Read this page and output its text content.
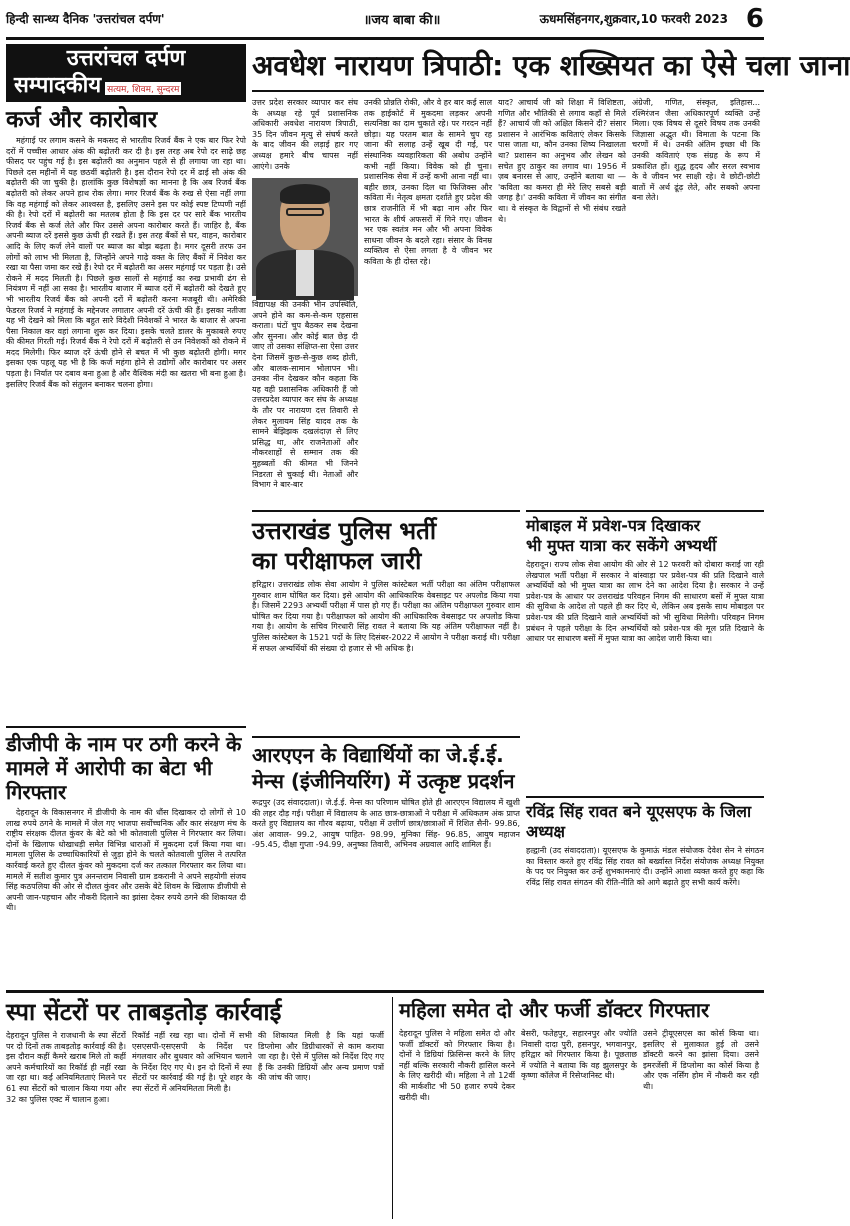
हिन्दी सान्ध्य दैनिक 'उत्तरांचल दर्पण'	॥जय बाबा की॥	ऊधमसिंहनगर,शुक्रवार,10 फरवरी 2023 6
उत्तरांचल दर्पण
सम्पादकीय सत्यम, शिवम, सुन्दरम
कर्ज और कारोबार

महंगाई पर लगाम कसने के मकसद से भारतीय रिजर्व बैंक ने एक बार फिर रेपो दरों में पच्चीस आधार अंक की बढ़ोतरी कर दी है। इस तरह अब रेपो दर साढ़े छह फीसद पर पहुंच गई है। इस बढ़ोतरी का अनुमान पहले से ही लगाया जा रहा था। पिछले दस महीनों में यह छठवीं बढ़ोतरी है। इस दौरान रेपो दर में ढाई सौ अंक की बढ़ोतरी की जा चुकी है। हालांकि कुछ विशेषज्ञों का मानना है कि अब रिजर्व बैंक बढ़ोतरी को लेकर अपने हाथ रोक लेगा। मगर रिजर्व बैंक के रुख से ऐसा नहीं लगा कि वह महंगाई को लेकर आश्वस्त है, इसलिए उसने इस पर कोई स्पष्ट टिप्पणी नहीं की है। रेपो दरों में बढ़ोतरी का मतलब होता है कि इस दर पर सारे बैंक भारतीय रिजर्व बैंक से कर्ज लेते और फिर उससे अपना कारोबार करते हैं। जाहिर है, बैंक अपनी ब्याज दरें इससे कुछ ऊंची ही रखते हैं। इस तरह बैंकों से घर, वाहन, कारोबार आदि के लिए कर्ज लेने वालों पर ब्याज का बोझ बढ़ता है। मगर दूसरी तरफ उन लोगों को लाभ भी मिलता है, जिन्होंने अपने गाढ़े वक्त के लिए बैंकों में निवेश कर रखा या पैसा जमा कर रखे हैं। रेपो दर में बढ़ोतरी का असर महंगाई पर पड़ता है। उसे रोकने में मदद मिलती है। पिछले कुछ सालों से महंगाई का रुख प्रभावी ढंग से नियंत्रण में नहीं आ सका है। भारतीय बाजार में ब्याज दरों में बढ़ोतरी को देखते हुए भी भारतीय रिजर्व बैंक को अपनी दरों में बढ़ोतरी करना मजबूरी थी। अमेरिकी फेडरल रिजर्व ने महंगाई के मद्देनजर लगातार अपनी दरें ऊंची की हैं। इसका नतीजा यह भी देखने को मिला कि बहुत सारे विदेशी निवेशकों ने भारत के बाजार से अपना पैसा निकाल कर वहां लगाना शुरू कर दिया। इसके चलते डालर के मुकाबले रुपए की कीमत गिरती गई। रिजर्व बैंक ने रेपो दरों में बढ़ोतरी से उन निवेशकों को रोकने में मदद मिलेगी। फिर ब्याज दरें ऊंची होने से बचत में भी कुछ बढ़ोतरी होगी। मगर इसका एक पहलू यह भी है कि कर्ज महंगा होने से उद्योगों और कारोबार पर असर पड़ता है। निर्यात पर दबाव बना हुआ है और वैश्विक मंदी का खतरा भी बना हुआ है। इसलिए रिजर्व बैंक को संतुलन बनाकर चलना होगा।

डीजीपी के नाम पर ठगी करने के
मामले में आरोपी का बेटा भी गिरफ्तार

देहरादून के विकासनगर में डीजीपी के नाम की धौंस दिखाकर दो लोगों से 10 लाख रुपये ठगने के मामले में जेल गए भाजपा सर्वोच्चनिक औंर कार संरक्षण मंच के राष्ट्रीय संरक्षक दीलत कुंवर के बेटे को भी कोतवाली पुलिस ने गिरफ्तार कर लिया। दोनों के खिलाफ धोखाधड़ी समेत विभिन्न धाराओं में मुकदमा दर्ज किया गया था। मामला पुलिस के उच्चाधिकारियों से जुड़ा होने के चलते कोतवाली पुलिस ने तत्परित कार्रवाई करते हुए दीलत कुंवर को मुकदमा दर्ज कर तत्काल गिरफ्तार कर लिया था। मामले में सतीश कुमार पुत्र अनन्तराम निवासी ग्राम डकरानी ने अपने सहयोगी संजय सिंह कठपलिया की ओर से दौलत कुंवर और उसके बेटे शिवम के खिलाफ डीजीपी से अपनी जान-पहचान और नौकरी दिलाने का झांसा देकर रुपये ठगने की शिकायत दी थी।

अवधेश नारायण त्रिपाठी: एक शख्सियत का ऐसे चला जाना
उत्तर प्रदेश सरकार व्यापार कर संघ के अध्यक्ष रहे पूर्व प्रशासनिक अधिकारी अवधेश नारायण त्रिपाठी, 35 दिन जीवन मृत्यु से संघर्ष करते के बाद जीवन की लड़ाई हार गए अध्यक्ष हमारे बीच चापस नहीं आएंगे। उनके
विद्यापक्ष की उनकी भीन उपस्थिति, अपने होने का कम-से-कम एहसास कराता। घंटों चुप बैठकर सब देखना और सुनना। और कोई बात छेड़ दी जाए तो उसका संक्षिप्त-सा ऐसा उत्तर देना जिसमें कुछ-से-कुछ शब्द होती, और बालक-सामान भोलापन भी। उनका नीन देखकर कौन कहता कि यह वही प्रशासनिक अधिकारी हैं जो उत्तरप्रदेश व्यापार कर संघ के अध्यक्ष के तौर पर नारायण दत्त तिवारी से लेकर मुलायम सिंह यादव तक के सामने बेझिझक दखलंदाज़ से लिए प्रसिद्ध था, और राजनेताओं और नौकरशाहों से सम्मान तक की मुहब्बतों की कीमत भी जिनने निडरता से चुकाई थी। नेताओं और विभाग ने बार-बार
उनकी प्रोन्नति रोकी, और वे हर बार कई साल तक हाईकोर्ट में मुकदमा लड़कर अपनी सत्यनिष्ठा का दाम चुकाते रहे। पर गरदन नहीं छोड़ा। यह परतम बात के सामने चुप रह जाना की सलाह उन्हें खूब दी गई, पर संस्थानिक व्यवहारिकता की अबोध उन्होंने कभी नहीं किया। विवेक को ही चुना। प्रशासनिक सेवा में उन्हें कभी आना नहीं था। बहीर छात्र, उनका दिल था फिजिक्स और कविता में। नेतृत्व क्षमता दर्शाते हुए प्रदेश की छात्र राजनीति में भी बढ़ा नाम और फिर भारत के शीर्ष अफसरों में गिने गए। जीवन भर एक स्वतंत्र मन और भी अपना विवेक साधना जीवन के बदले रहा। संसार के विनम्र व्यक्तित्व से ऐसा लगता है वे जीवन भर कविता के ही दोस्त रहे।
याद? आचार्य जी को शिक्षा में विशिष्टता, गणित और भौतिकी से लगाव कहाँ से मिले हैं? आचार्य जी को अक्षित किसने दी? संसार प्रशासन ने आरंभिक कविताएं लेकर किसके पास जाता था, कौन उनका शिष्य निखालता था? प्रशासन का अनुभव और लेखन को सचेत हुए ठाकुर का लगाव था। 1956 में ज़ब बनारस से आए, उन्होंने बताया था — 'कविता का कमरा ही मेरे लिए सबसे बड़ी जगह है।' उनकी कविता में जीवन का संगीत था। वे संस्कृत के विद्वानों से भी संबंध रखते थे।
अंग्रेजी, गणित, संस्कृत, इतिहास... रश्मिरंजन जैसा अधिकारपूर्ण व्यक्ति उन्हें मिला। एक विषय से दूसरे विषय तक उनकी जिज्ञासा अद्भुत थी। विमाता के पटना कि चरणों में थे। उनकी अंतिम इच्छा थी कि उनकी कविताएं एक संग्रह के रूप में प्रकाशित हों। शुद्ध हृदय और सरल स्वभाव के वे जीवन भर साक्षी रहे। वे छोटी-छोटी बातों में अर्थ ढूंढ़ लेते, और सबको अपना बना लेते।
उत्तराखंड पुलिस भर्ती
का परीक्षाफल जारी
हरिद्वार। उत्तराखंड लोक सेवा आयोग ने पुलिस कांस्टेबल भर्ती परीक्षा का अंतिम परीक्षाफल गुरुवार शाम घोषित कर दिया। इसे आयोग की आधिकारिक वेबसाइट पर अपलोड किया गया है। जिसमें 2293 अभ्यर्थी परीक्षा में पास हो गए हैं। परीक्षा का अंतिम परीक्षाफल गुरुवार शाम घोषित कर दिया गया है। परीक्षाफल को आयोग की आधिकारिक वेबसाइट पर अपलोड किया गया है। आयोग के सचिव गिरधारी सिंह रावत ने बताया कि यह अंतिम परीक्षाफल नहीं है। पुलिस कांस्टेबल के 1521 पदों के लिए दिसंबर-2022 में आयोग ने परीक्षा कराई थी। परीक्षा में सफल अभ्यर्थियों की संख्या दो हजार से भी अधिक है।
आरएएन के विद्यार्थियों का जे.ई.ई. मेन्स (इंजीनियरिंग) में उत्कृष्ट प्रदर्शन
रूद्रपुर (उद संवाददाता)। जे.ई.ई. मेन्स का परिणाम घोषित होते ही आरएएन विद्यालय में खुशी की लहर दौड़ गई। परीक्षा में विद्यालय के आठ छात्र-छात्राओं ने परीक्षा में अधिकतम अंक प्राप्त करते हुए विद्यालय का गौरव बढ़ाया, परीक्षा में उत्तीर्ण छात्र/छात्राओं में रिशित सैनी- 99.86, अंश आवाल- 99.2, आयुष पाहित- 98.99, मुनिका सिंह- 96.85, आयुष महाजन -95.45, दीक्षा गुप्ता -94.99, अनुष्का तिवारी, अभिनव अग्रवाल आदि शामिल हैं।
मोबाइल में प्रवेश-पत्र दिखाकर
भी मुफ्त यात्रा कर सकेंगे अभ्यर्थी
देहरादून। राज्य लोक सेवा आयोग की ओर से 12 फरवरी को दोबारा कराई जा रही लेखपाल भर्ती परीक्षा में सरकार ने बांस्वाड़ा पर प्रवेश-पत्र की प्रति दिखाने वाले अभ्यर्थियों को भी मुफ्त यात्रा का लाभ देने का आदेश दिया है। सरकार ने उन्हें प्रवेश-पत्र के आधार पर उत्तराखंड परिवहन निगम की साधारण बसों में मुफ्त यात्रा की सुविधा के आदेश तो पहले ही कर दिए थे, लेकिन अब इसके साथ मोबाइल पर प्रवेश-पत्र की प्रति दिखाने वाले अभ्यर्थियों को भी सुविधा मिलेगी। परिवहन निगम प्रबंधन ने पहले परीक्षा के दिन अभ्यर्थियों को प्रवेश-पत्र की मूल प्रति दिखाने के आधार पर साधारण बसों में मुफ्त यात्रा का आदेश जारी किया था।
रविंद्र सिंह रावत बने यूएसएफ के जिला अध्यक्ष
हल्द्वानी (उद संवाददाता)। यूएसएफ के कुमाऊं मंडल संयोजक देवेश सेन ने संगठन का विस्तार करते हुए रविंद्र सिंह रावत को बर्ख्वास्त निर्देश संयोजक अध्यक्ष नियुक्त के पद पर नियुक्त कर उन्हें शुभकामनाएं दी। उन्होंने आशा व्यक्त करते हुए कहा कि रविंद्र सिंह रावत संगठन की रीति-नीति को आगे बढ़ाते हुए सभी कार्य करेंगे।
स्पा सेंटरों पर ताबड़तोड़ कार्रवाई
देहरादून पुलिस ने राजधानी के स्पा सेंटरों पर दो दिनों तक ताबड़तोड़ कार्रवाई की है। इस दौरान कहीं कैमरे खराब मिले तो कहीं अपने कर्मचारियों का रिकॉर्ड ही नहीं रखा जा रहा था। कई अनियमितताएं मिलने पर 61 स्पा सेंटरों को चालान किया गया और 32 का पुलिस एक्ट में चालान हुआ।
रिकॉर्ड नहीं रख रहा था। दोनों में सभी एसएसपी-एसएसपी के निर्देश पर मंगलवार और बुधवार को अभियान चलाने के निर्देश दिए गए थे। इन दो दिनों में स्पा सेंटरों पर कार्रवाई की गई है। पूरे शहर के स्पा सेंटरों में अनियमितता मिली है।
की शिकायत मिली है कि यहां फर्जी डिप्लोमा और डिग्रीधारकों से काम कराया जा रहा है। ऐसे में पुलिस को निर्देश दिए गए हैं कि उनकी डिग्रियों और अन्य प्रमाण पत्रों की जांच की जाए।
महिला समेत दो और फर्जी डॉक्टर गिरफ्तार
देहरादून पुलिस ने महिला समेत दो और फर्जी डॉक्टरों को गिरफ्तार किया है। दोनों ने डिग्रियां फ्रिसिन्स करने के लिए नहीं बल्कि सरकारी नौकरी हासिल करने के लिए खरीदी थी। महिला ने तो 12वीं की मार्कशीट भी 50 हजार रुपये देकर खरीदी थी।
बेसरी, फतेहपुर, सहारनपुर और ज्योति निवासी दादा पुरी, हसनपुर, भगवानपुर, हरिद्वार को गिरफ्तार किया है। पूछताछ में ज्योति ने बताया कि वह झुलसपुर के कृष्णा कॉलेज में रिसेप्शनिस्ट थी।
उसने ट्रीयूएसएस का कोर्स किया था। इसलिए से मुलाकात हुई तो उसने डॉक्टरी करने का झांसा दिया। उसने इमरजेंसी में डिप्लोमा का कोर्स किया है और एक नर्सिंग होम में नौकरी कर रही थी।
